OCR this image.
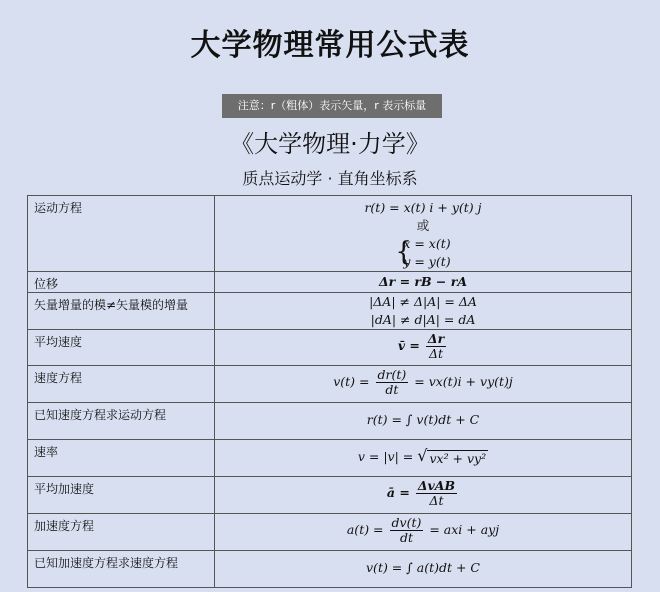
大学物理常用公式表
注意：r（粗体）表示矢量，r 表示标量
《大学物理·力学》
质点运动学 · 直角坐标系
运动方程	r(t) = x(t) i + y(t) j
或
{
x = x(t)
y = y(t)

位移	Δr = rB − rA

矢量增量的模≠矢量模的增量	|ΔA| ≠ Δ|A| = ΔA
|dA| ≠ d|A| = dA

平均速度	v̄ = $\frac{\Delta r}{\Delta t}$

速度方程	$v(t) = \frac{dr(t)}{dt} = vx(t)i + vy(t)j$

已知速度方程求运动方程	r(t) = ∫ v(t)dt + C

速率	v = |v| = √ vx² + vy²

平均加速度	ā = $\frac{\text{ΔvAB}}{\Delta t}$

加速度方程	$a(t) = \frac{dv(t)}{dt}$ = axi + ayj

已知加速度方程求速度方程	v(t) = ∫ a(t)dt + C
